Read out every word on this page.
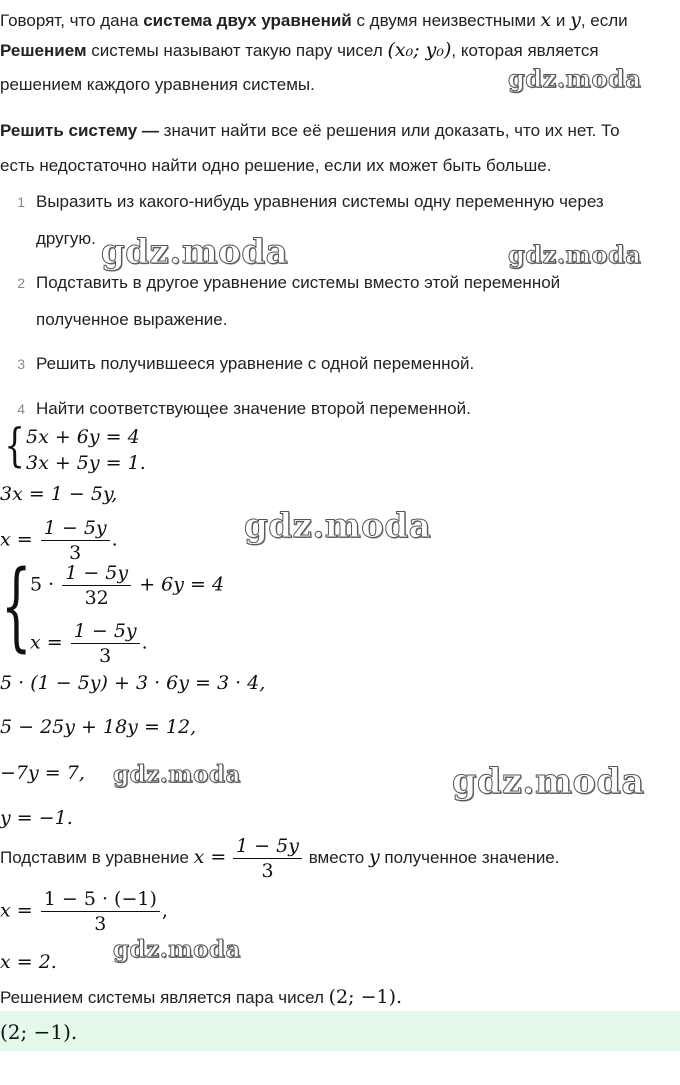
Говорят, что дана система двух уравнений с двумя неизвестными x и y, если
Решением системы называют такую пару чисел (x₀; y₀), которая является
решением каждого уравнения системы.
Решить систему — значит найти все её решения или доказать, что их нет. То
есть недостаточно найти одно решение, если их может быть больше.
1 Выразить из какого-нибудь уравнения системы одну переменную через
другую.
2 Подставить в другое уравнение системы вместо этой переменной
полученное выражение.
3 Решить получившееся уравнение с одной переменной.
4 Найти соответствующее значение второй переменной.
{ 5x + 6y = 4
3x + 5y = 1.
3x = 1 − 5y,
$x = \frac{1 - 5y}{3}$ .
{
$5 \cdot \frac{1 - 5y}{32} + 6y = 4$
$x = \frac{1 - 5y}{3}$ .
5 · (1 − 5y) + 3 · 6y = 3 · 4,
5 − 25y + 18y = 12,
−7y = 7,
y = −1.
Подставим в уравнение $x = \frac{1 - 5y}{3}$ вместо y полученное значение.
$x = \frac{1 - 5 \cdot (-1)}{3}$ ,
x = 2.
Решением системы является пара чисел (2; −1).
(2; −1).
gdz.moda
gdz.moda	gdz.moda
gdz.moda
gdz.moda	gdz.moda
gdz.moda
